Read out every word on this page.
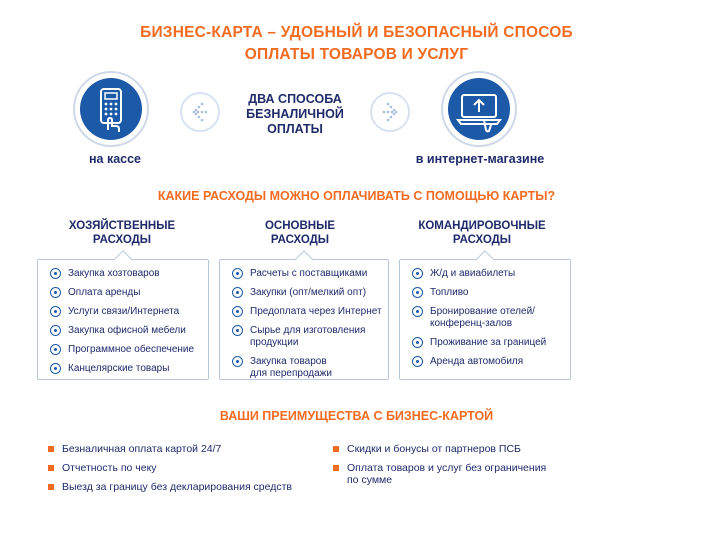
БИЗНЕС-КАРТА – УДОБНЫЙ И БЕЗОПАСНЫЙ СПОСОБ
ОПЛАТЫ ТОВАРОВ И УСЛУГ
на кассе
ДВА СПОСОБА
БЕЗНАЛИЧНОЙ
ОПЛАТЫ
в интернет-магазине
КАКИЕ РАСХОДЫ МОЖНО ОПЛАЧИВАТЬ С ПОМОЩЬЮ КАРТЫ?
ХОЗЯЙСТВЕННЫЕ
РАСХОДЫ
ОСНОВНЫЕ
РАСХОДЫ
КОМАНДИРОВОЧНЫЕ
РАСХОДЫ
Закупка хозтоваров
Оплата аренды
Услуги связи/Интернета
Закупка офисной мебели
Программное обеспечение
Канцелярские товары
Расчеты с поставщиками
Закупки (опт/мелкий опт)
Предоплата через Интернет
Сырье для изготовления
продукции
Закупка товаров
для перепродажи
Ж/д и авиабилеты
Топливо
Бронирование отелей/
конференц-залов
Проживание за границей
Аренда автомобиля
ВАШИ ПРЕИМУЩЕСТВА С БИЗНЕС-КАРТОЙ
Безналичная оплата картой 24/7
Отчетность по чеку
Выезд за границу без декларирования средств
Скидки и бонусы от партнеров ПСБ
Оплата товаров и услуг без ограничения
по сумме
